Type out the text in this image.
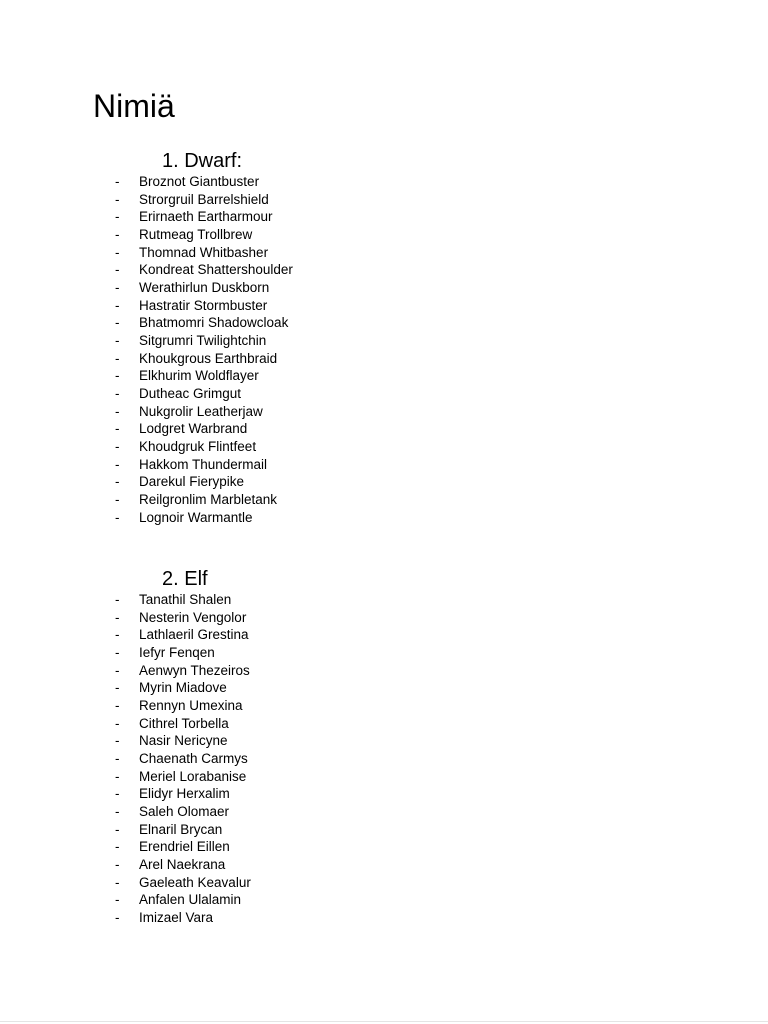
Nimiä
1. Dwarf:
- Broznot Giantbuster
- Strorgruil Barrelshield
- Erirnaeth Eartharmour
- Rutmeag Trollbrew
- Thomnad Whitbasher
- Kondreat Shattershoulder
- Werathirlun Duskborn
- Hastratir Stormbuster
- Bhatmomri Shadowcloak
- Sitgrumri Twilightchin
- Khoukgrous Earthbraid
- Elkhurim Woldflayer
- Dutheac Grimgut
- Nukgrolir Leatherjaw
- Lodgret Warbrand
- Khoudgruk Flintfeet
- Hakkom Thundermail
- Darekul Fierypike
- Reilgronlim Marbletank
- Lognoir Warmantle
2. Elf
- Tanathil Shalen
- Nesterin Vengolor
- Lathlaeril Grestina
- Iefyr Fenqen
- Aenwyn Thezeiros
- Myrin Miadove
- Rennyn Umexina
- Cithrel Torbella
- Nasir Nericyne
- Chaenath Carmys
- Meriel Lorabanise
- Elidyr Herxalim
- Saleh Olomaer
- Elnaril Brycan
- Erendriel Eillen
- Arel Naekrana
- Gaeleath Keavalur
- Anfalen Ulalamin
- Imizael Vara
